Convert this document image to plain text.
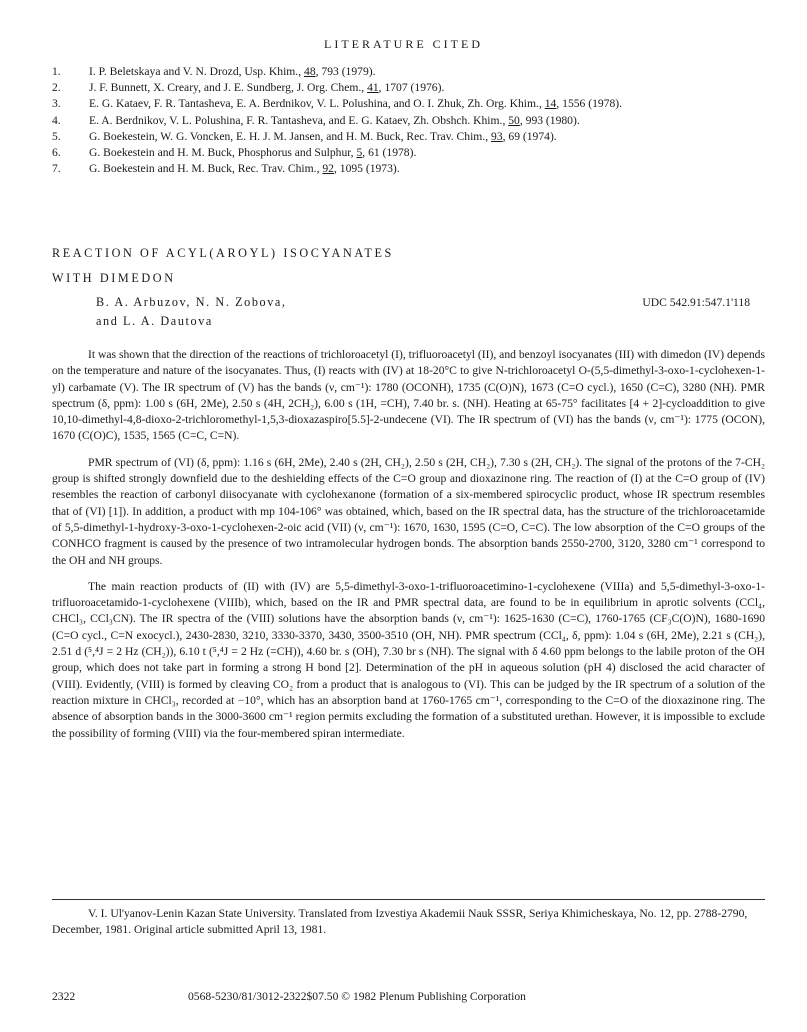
LITERATURE CITED
1. I. P. Beletskaya and V. N. Drozd, Usp. Khim., 48, 793 (1979).
2. J. F. Bunnett, X. Creary, and J. E. Sundberg, J. Org. Chem., 41, 1707 (1976).
3. E. G. Kataev, F. R. Tantasheva, E. A. Berdnikov, V. L. Polushina, and O. I. Zhuk, Zh. Org. Khim., 14, 1556 (1978).
4. E. A. Berdnikov, V. L. Polushina, F. R. Tantasheva, and E. G. Kataev, Zh. Obshch. Khim., 50, 993 (1980).
5. G. Boekestein, W. G. Voncken, E. H. J. M. Jansen, and H. M. Buck, Rec. Trav. Chim., 93, 69 (1974).
6. G. Boekestein and H. M. Buck, Phosphorus and Sulphur, 5, 61 (1978).
7. G. Boekestein and H. M. Buck, Rec. Trav. Chim., 92, 1095 (1973).
REACTION OF ACYL(AROYL) ISOCYANATES
WITH DIMEDON
B. A. Arbuzov, N. N. Zobova,
and L. A. Dautova
UDC 542.91:547.1'118

It was shown that the direction of the reactions of trichloroacetyl (I), trifluoroacetyl (II), and benzoyl isocyanates (III) with dimedon (IV) depends on the temperature and nature of the isocyanates. Thus, (I) reacts with (IV) at 18-20°C to give N-trichloroacetyl O-(5,5-dimethyl-3-oxo-1-cyclohexen-1-yl) carbamate (V). The IR spectrum of (V) has the bands (ν, cm⁻¹): 1780 (OCONH), 1735 (C(O)N), 1673 (C=O cycl.), 1650 (C=C), 3280 (NH). PMR spectrum (δ, ppm): 1.00 s (6H, 2Me), 2.50 s (4H, 2CH₂), 6.00 s (1H, =CH), 7.40 br. s. (NH). Heating at 65-75° facilitates [4 + 2]-cycloaddition to give 10,10-dimethyl-4,8-dioxo-2-trichloromethyl-1,5,3-dioxazaspiro[5.5]-2-undecene (VI). The IR spectrum of (VI) has the bands (ν, cm⁻¹): 1775 (OCON), 1670 (C(O)C), 1535, 1565 (C=C, C=N).

PMR spectrum of (VI) (δ, ppm): 1.16 s (6H, 2Me), 2.40 s (2H, CH₂), 2.50 s (2H, CH₂), 7.30 s (2H, CH₂). The signal of the protons of the 7-CH₂ group is shifted strongly downfield due to the deshielding effects of the C=O group and dioxazinone ring. The reaction of (I) at the C=O group of (IV) resembles the reaction of carbonyl diisocyanate with cyclohexanone (formation of a six-membered spirocyclic product, whose IR spectrum resembles that of (VI) [1]). In addition, a product with mp 104-106° was obtained, which, based on the IR spectral data, has the structure of the trichloroacetamide of 5,5-dimethyl-1-hydroxy-3-oxo-1-cyclohexen-2-oic acid (VII) (ν, cm⁻¹): 1670, 1630, 1595 (C=O, C=C). The low absorption of the C=O groups of the CONHCO fragment is caused by the presence of two intramolecular hydrogen bonds. The absorption bands 2550-2700, 3120, 3280 cm⁻¹ correspond to the OH and NH groups.

The main reaction products of (II) with (IV) are 5,5-dimethyl-3-oxo-1-trifluoroacetimino-1-cyclohexene (VIIIa) and 5,5-dimethyl-3-oxo-1-trifluoroacetamido-1-cyclohexene (VIIIb), which, based on the IR and PMR spectral data, are found to be in equilibrium in aprotic solvents (CCl₄, CHCl₃, CCl₃CN). The IR spectra of the (VIII) solutions have the absorption bands (ν, cm⁻¹): 1625-1630 (C=C), 1760-1765 (CF₃C(O)N), 1680-1690 (C=O cycl., C=N exocycl.), 2430-2830, 3210, 3330-3370, 3430, 3500-3510 (OH, NH). PMR spectrum (CCl₄, δ, ppm): 1.04 s (6H, 2Me), 2.21 s (CH₂), 2.51 d (⁵,⁴J = 2 Hz (CH₂)), 6.10 t (⁵,⁴J = 2 Hz (=CH)), 4.60 br. s (OH), 7.30 br s (NH). The signal with δ 4.60 ppm belongs to the labile proton of the OH group, which does not take part in forming a strong H bond [2]. Determination of the pH in aqueous solution (pH 4) disclosed the acid character of (VIII). Evidently, (VIII) is formed by cleaving CO₂ from a product that is analogous to (VI). This can be judged by the IR spectrum of a solution of the reaction mixture in CHCl₃, recorded at −10°, which has an absorption band at 1760-1765 cm⁻¹, corresponding to the C=O of the dioxazinone ring. The absence of absorption bands in the 3000-3600 cm⁻¹ region permits excluding the formation of a substituted urethan. However, it is impossible to exclude the possibility of forming (VIII) via the four-membered spiran intermediate.

V. I. Ul'yanov-Lenin Kazan State University. Translated from Izvestiya Akademii Nauk SSSR, Seriya Khimicheskaya, No. 12, pp. 2788-2790, December, 1981. Original article submitted April 13, 1981.
2322	0568-5230/81/3012-2322$07.50 © 1982 Plenum Publishing Corporation
